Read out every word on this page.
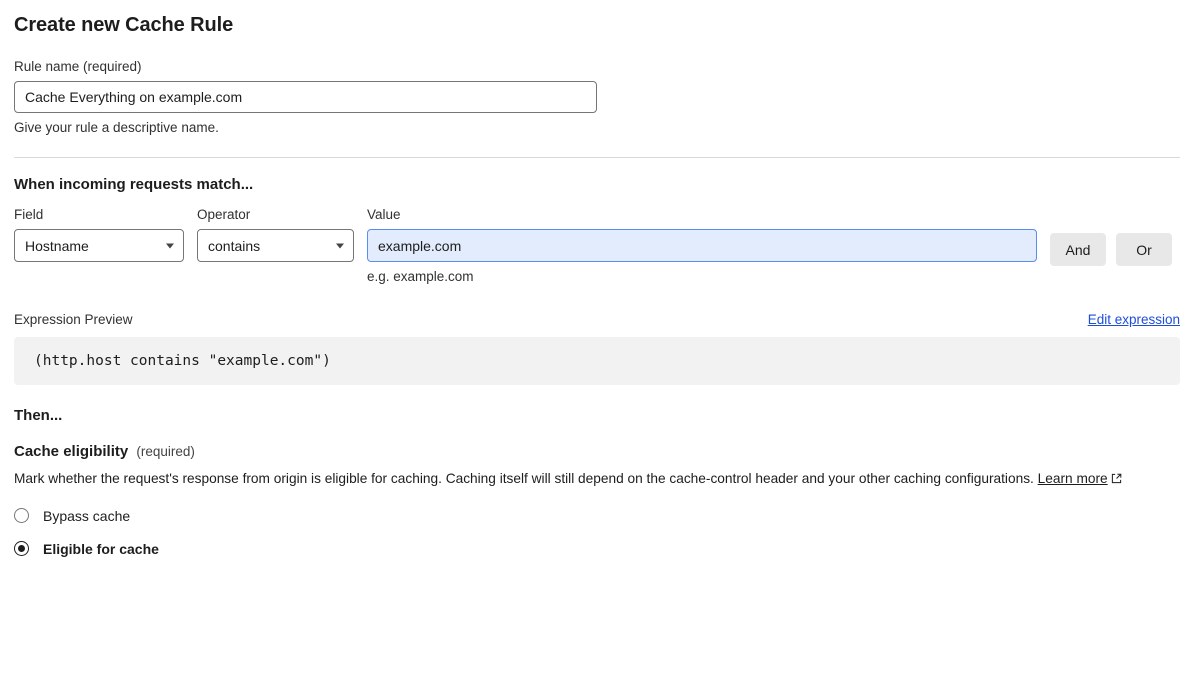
Create new Cache Rule
Rule name (required)
Cache Everything on example.com
Give your rule a descriptive name.
When incoming requests match...
Field
Hostname
Operator
contains
Value
example.com
e.g. example.com
And	Or
Expression Preview	Edit expression
(http.host contains "example.com")
Then...
Cache eligibility (required)

Mark whether the request's response from origin is eligible for caching. Caching itself will still depend on the cache-control header and your other caching configurations. Learn more

Bypass cache
Eligible for cache
